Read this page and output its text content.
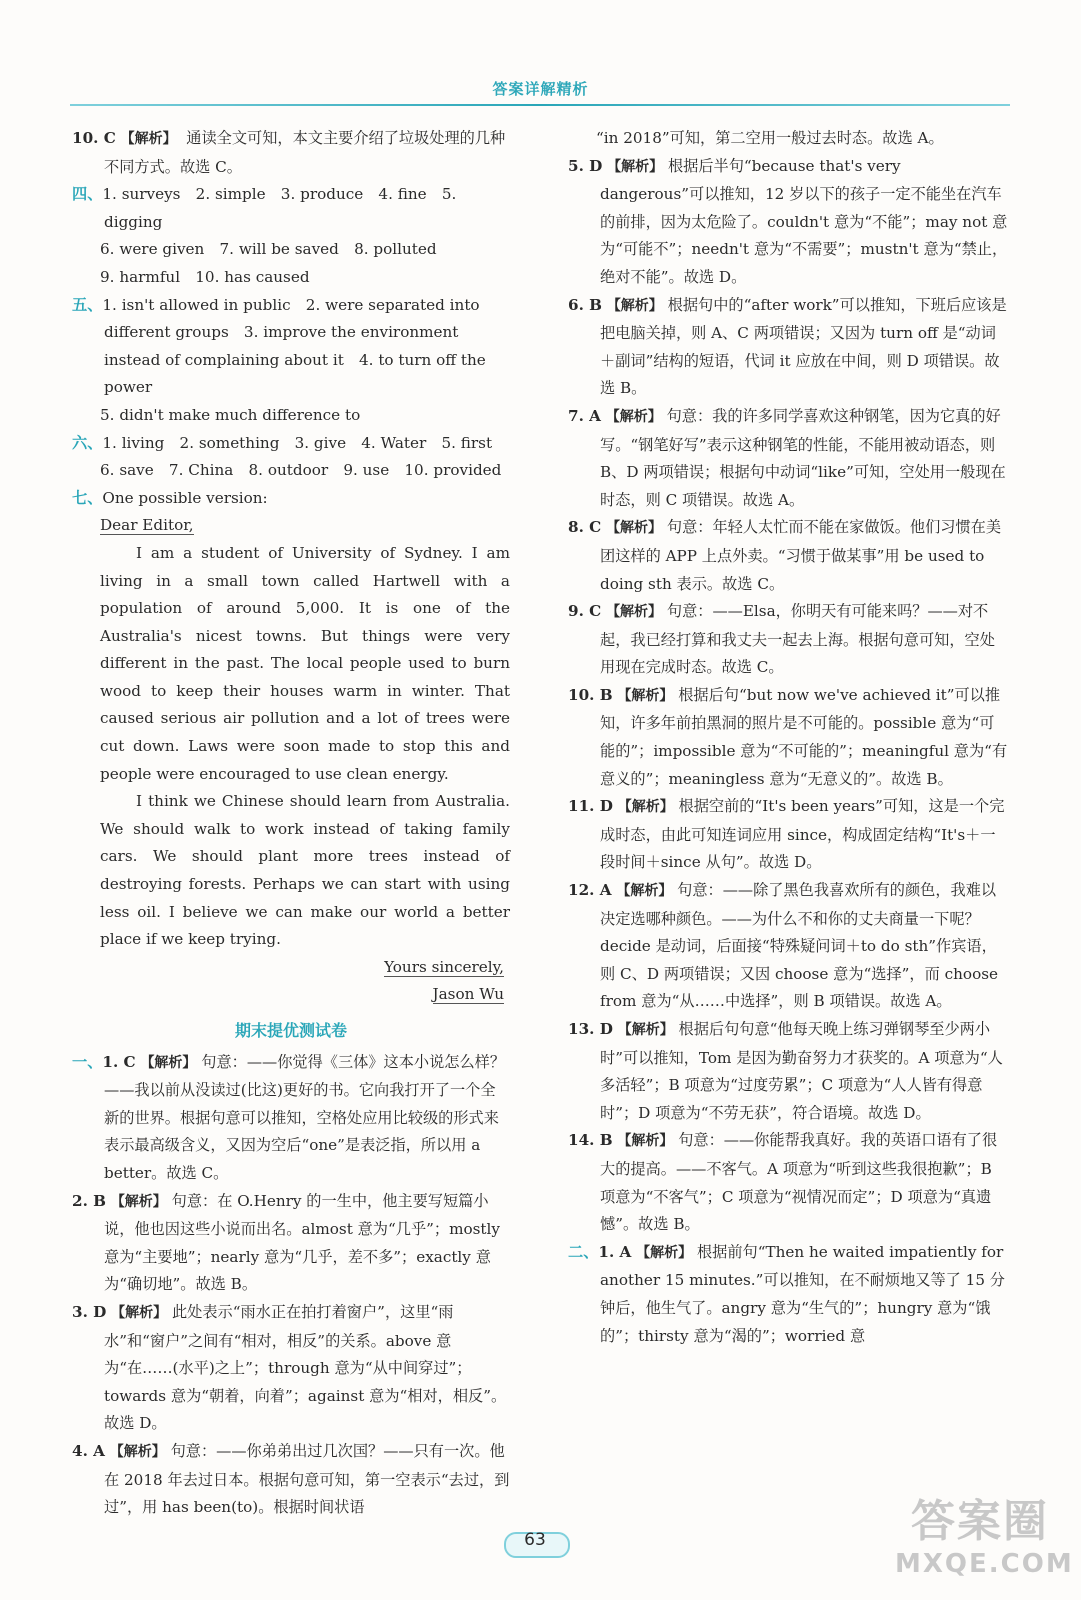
答案详解精析

10. C 【解析】 通读全文可知，本文主要介绍了垃圾处理的几种不同方式。故选 C。

四、1. surveys　2. simple　3. produce　4. fine　5. digging

6. were given　7. will be saved　8. polluted

9. harmful　10. has caused

五、1. isn't allowed in public　2. were separated into different groups　3. improve the environment instead of complaining about it　4. to turn off the power

5. didn't make much difference to

六、1. living　2. something　3. give　4. Water　5. first

6. save　7. China　8. outdoor　9. use　10. provided

七、One possible version:

Dear Editor,

I am a student of University of Sydney. I am living in a small town called Hartwell with a population of around 5,000. It is one of the Australia's nicest towns. But things were very different in the past. The local people used to burn wood to keep their houses warm in winter. That caused serious air pollution and a lot of trees were cut down. Laws were soon made to stop this and people were encouraged to use clean energy.

I think we Chinese should learn from Australia. We should walk to work instead of taking family cars. We should plant more trees instead of destroying forests. Perhaps we can start with using less oil. I believe we can make our world a better place if we keep trying.

Yours sincerely,

Jason Wu

期末提优测试卷

一、1. C 【解析】 句意：——你觉得《三体》这本小说怎么样？——我以前从没读过(比这)更好的书。它向我打开了一个全新的世界。根据句意可以推知，空格处应用比较级的形式来表示最高级含义，又因为空后“one”是表泛指，所以用 a better。故选 C。

2. B 【解析】 句意：在 O.Henry 的一生中，他主要写短篇小说，他也因这些小说而出名。almost 意为“几乎”；mostly 意为“主要地”；nearly 意为“几乎，差不多”；exactly 意为“确切地”。故选 B。

3. D 【解析】 此处表示“雨水正在拍打着窗户”，这里“雨水”和“窗户”之间有“相对，相反”的关系。above 意为“在……(水平)之上”；through 意为“从中间穿过”；towards 意为“朝着，向着”；against 意为“相对，相反”。故选 D。

4. A 【解析】 句意：——你弟弟出过几次国？——只有一次。他在 2018 年去过日本。根据句意可知，第一空表示“去过，到过”，用 has been(to)。根据时间状语

“in 2018”可知，第二空用一般过去时态。故选 A。

5. D 【解析】 根据后半句“because that's very dangerous”可以推知，12 岁以下的孩子一定不能坐在汽车的前排，因为太危险了。couldn't 意为“不能”；may not 意为“可能不”；needn't 意为“不需要”；mustn't 意为“禁止，绝对不能”。故选 D。

6. B 【解析】 根据句中的“after work”可以推知，下班后应该是把电脑关掉，则 A、C 两项错误；又因为 turn off 是“动词＋副词”结构的短语，代词 it 应放在中间，则 D 项错误。故选 B。

7. A 【解析】 句意：我的许多同学喜欢这种钢笔，因为它真的好写。“钢笔好写”表示这种钢笔的性能，不能用被动语态，则 B、D 两项错误；根据句中动词“like”可知，空处用一般现在时态，则 C 项错误。故选 A。

8. C 【解析】 句意：年轻人太忙而不能在家做饭。他们习惯在美团这样的 APP 上点外卖。“习惯于做某事”用 be used to doing sth 表示。故选 C。

9. C 【解析】 句意：——Elsa，你明天有可能来吗？——对不起，我已经打算和我丈夫一起去上海。根据句意可知，空处用现在完成时态。故选 C。

10. B 【解析】 根据后句“but now we've achieved it”可以推知，许多年前拍黑洞的照片是不可能的。possible 意为“可能的”；impossible 意为“不可能的”；meaningful 意为“有意义的”；meaningless 意为“无意义的”。故选 B。

11. D 【解析】 根据空前的“It's been years”可知，这是一个完成时态，由此可知连词应用 since，构成固定结构“It's＋一段时间＋since 从句”。故选 D。

12. A 【解析】 句意：——除了黑色我喜欢所有的颜色，我难以决定选哪种颜色。——为什么不和你的丈夫商量一下呢？decide 是动词，后面接“特殊疑问词＋to do sth”作宾语，则 C、D 两项错误；又因 choose 意为“选择”，而 choose from 意为“从……中选择”，则 B 项错误。故选 A。

13. D 【解析】 根据后句句意“他每天晚上练习弹钢琴至少两小时”可以推知，Tom 是因为勤奋努力才获奖的。A 项意为“人多活轻”；B 项意为“过度劳累”；C 项意为“人人皆有得意时”；D 项意为“不劳无获”，符合语境。故选 D。

14. B 【解析】 句意：——你能帮我真好。我的英语口语有了很大的提高。——不客气。A 项意为“听到这些我很抱歉”；B 项意为“不客气”；C 项意为“视情况而定”；D 项意为“真遗憾”。故选 B。

二、1. A 【解析】 根据前句“Then he waited impatiently for another 15 minutes.”可以推知，在不耐烦地又等了 15 分钟后，他生气了。angry 意为“生气的”；hungry 意为“饿的”；thirsty 意为“渴的”；worried 意

63	答案圈
MXQE.COM
